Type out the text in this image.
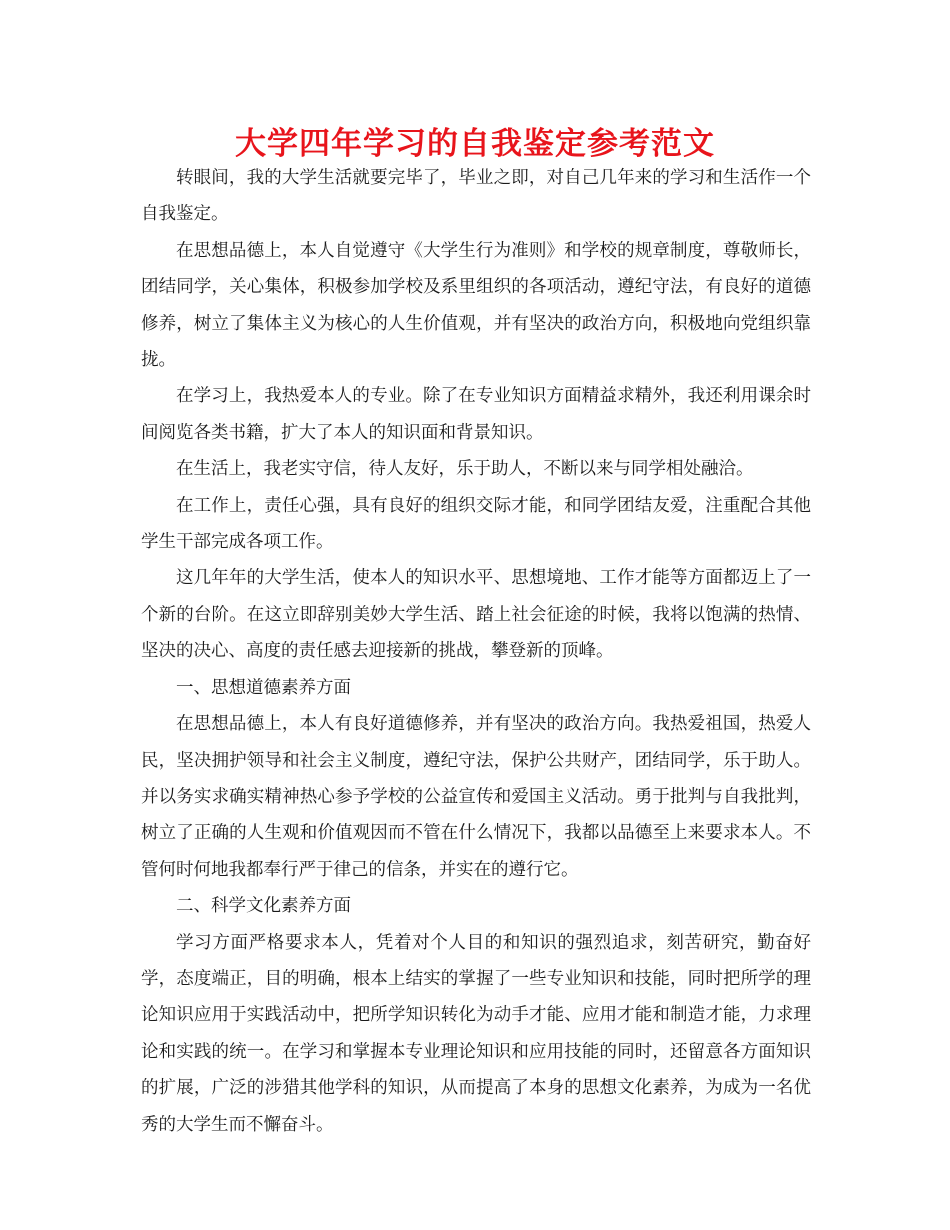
大学四年学习的自我鉴定参考范文

转眼间，我的大学生活就要完毕了，毕业之即，对自己几年来的学习和生活作一个自我鉴定。

在思想品德上，本人自觉遵守《大学生行为准则》和学校的规章制度，尊敬师长，团结同学，关心集体，积极参加学校及系里组织的各项活动，遵纪守法，有良好的道德修养，树立了集体主义为核心的人生价值观，并有坚决的政治方向，积极地向党组织靠拢。

在学习上，我热爱本人的专业。除了在专业知识方面精益求精外，我还利用课余时间阅览各类书籍，扩大了本人的知识面和背景知识。

在生活上，我老实守信，待人友好，乐于助人，不断以来与同学相处融洽。

在工作上，责任心强，具有良好的组织交际才能，和同学团结友爱，注重配合其他学生干部完成各项工作。

这几年年的大学生活，使本人的知识水平、思想境地、工作才能等方面都迈上了一个新的台阶。在这立即辞别美妙大学生活、踏上社会征途的时候，我将以饱满的热情、坚决的决心、高度的责任感去迎接新的挑战，攀登新的顶峰。

一、思想道德素养方面

在思想品德上，本人有良好道德修养，并有坚决的政治方向。我热爱祖国，热爱人民，坚决拥护领导和社会主义制度，遵纪守法，保护公共财产，团结同学，乐于助人。并以务实求确实精神热心参予学校的公益宣传和爱国主义活动。勇于批判与自我批判，树立了正确的人生观和价值观因而不管在什么情况下，我都以品德至上来要求本人。不管何时何地我都奉行严于律己的信条，并实在的遵行它。

二、科学文化素养方面

学习方面严格要求本人，凭着对个人目的和知识的强烈追求，刻苦研究，勤奋好学，态度端正，目的明确，根本上结实的掌握了一些专业知识和技能，同时把所学的理论知识应用于实践活动中，把所学知识转化为动手才能、应用才能和制造才能，力求理论和实践的统一。在学习和掌握本专业理论知识和应用技能的同时，还留意各方面知识的扩展，广泛的涉猎其他学科的知识，从而提高了本身的思想文化素养，为成为一名优秀的大学生而不懈奋斗。
